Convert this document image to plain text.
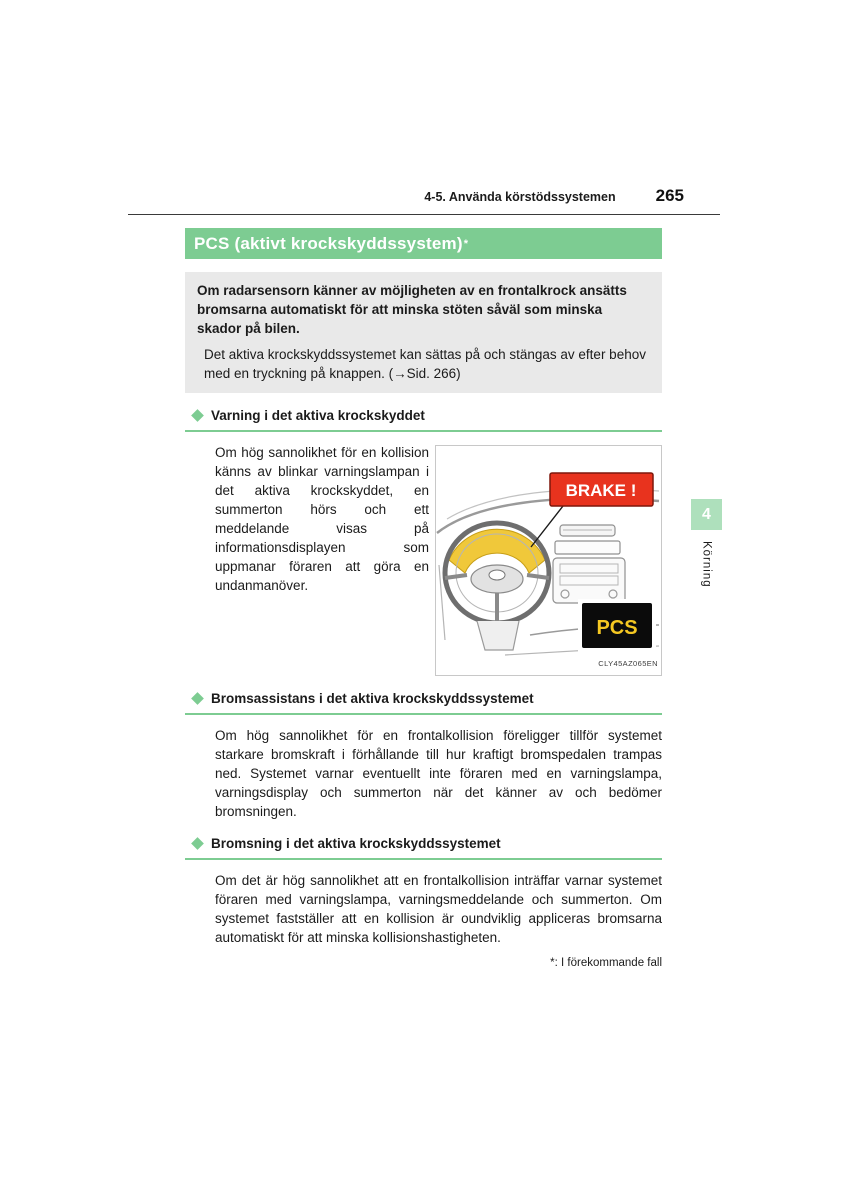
4-5. Använda körstödssystemen 265
PCS (aktivt krockskyddssystem) *
Om radarsensorn känner av möjligheten av en frontalkrock ansätts bromsarna automatiskt för att minska stöten såväl som minska skador på bilen.
Det aktiva krockskyddssystemet kan sättas på och stängas av efter behov med en tryckning på knappen. (→Sid. 266)
Varning i det aktiva krockskyddet
Om hög sannolikhet för en kollision känns av blinkar varningslampan i det aktiva krockskyddet, en summerton hörs och ett meddelande visas på informationsdisplayen som uppmanar föraren att göra en undanmanöver.
BRAKE !
PCS
CLY45AZ065EN
Bromsassistans i det aktiva krockskyddssystemet
Om hög sannolikhet för en frontalkollision föreligger tillför systemet starkare bromskraft i förhållande till hur kraftigt bromspedalen trampas ned. Systemet varnar eventuellt inte föraren med en varningslampa, varningsdisplay och summerton när det känner av och bedömer bromsningen.
Bromsning i det aktiva krockskyddssystemet
Om det är hög sannolikhet att en frontalkollision inträffar varnar systemet föraren med varningslampa, varningsmeddelande och summerton. Om systemet fastställer att en kollision är oundviklig appliceras bromsarna automatiskt för att minska kollisionshastigheten.
*: I förekommande fall
4
Körning
